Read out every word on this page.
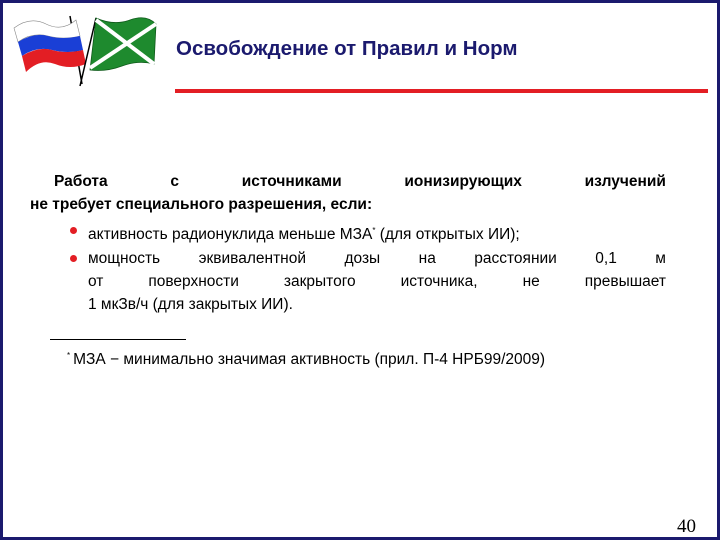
Освобождение от Правил и Норм
Работа	с	источниками	ионизирующих	излучений
не требует специального разрешения, если:
активность радионуклида меньше МЗА* (для открытых ИИ);
мощность эквивалентной дозы на расстоянии 0,1 м
от	поверхности	закрытого	источника,	не	превышает
1 мкЗв/ч (для закрытых ИИ).
* МЗА − минимально значимая активность (прил. П-4 НРБ99/2009)
40
